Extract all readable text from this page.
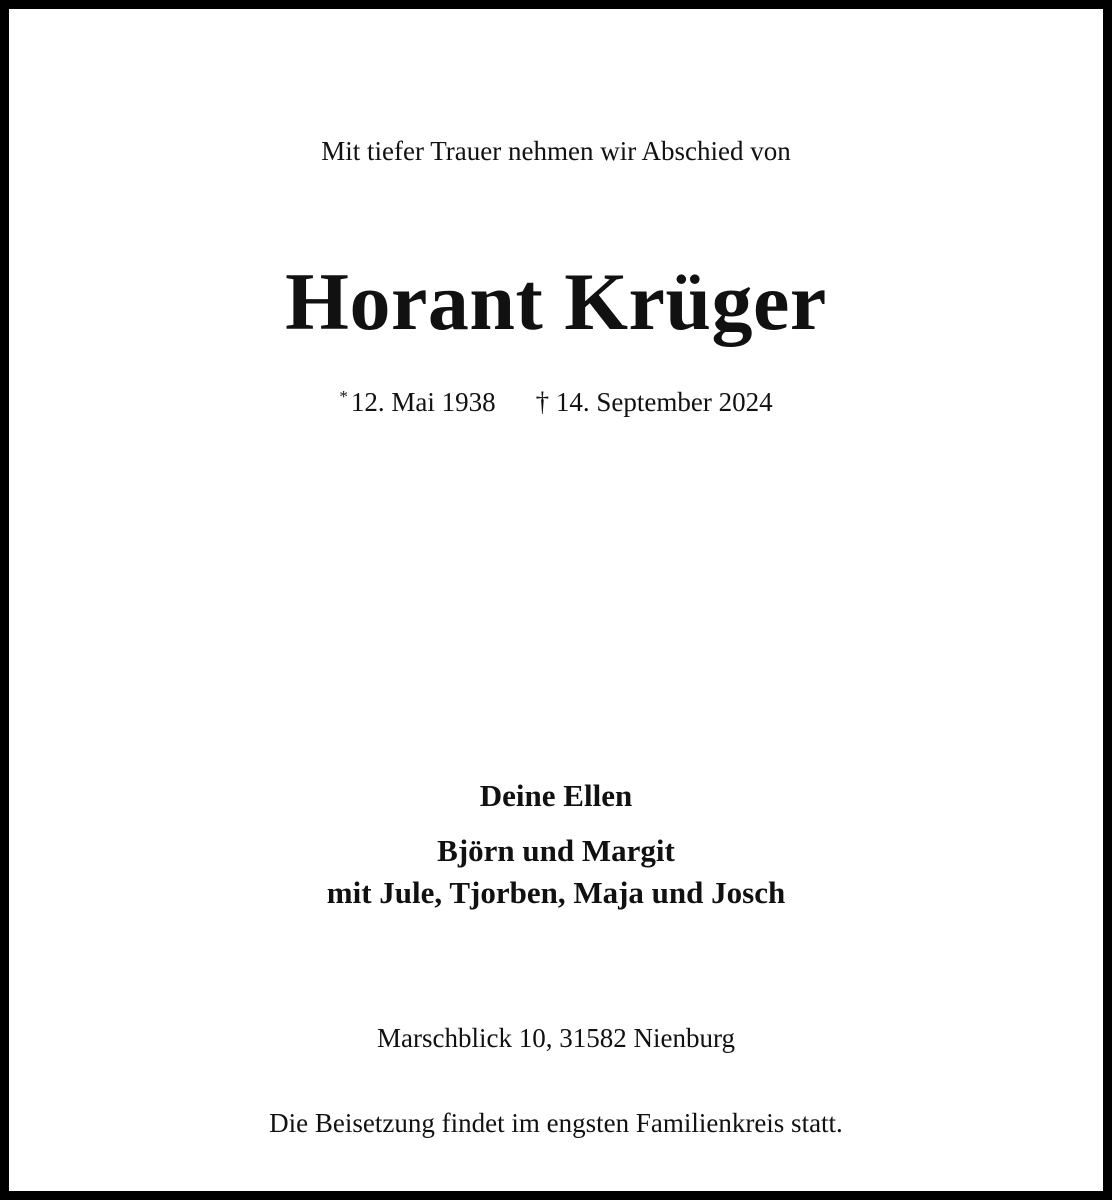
Mit tiefer Trauer nehmen wir Abschied von
Horant Krüger
* 12. Mai 1938 † 14. September 2024
Deine Ellen
Björn und Margit
mit Jule, Tjorben, Maja und Josch
Marschblick 10, 31582 Nienburg
Die Beisetzung findet im engsten Familienkreis statt.
